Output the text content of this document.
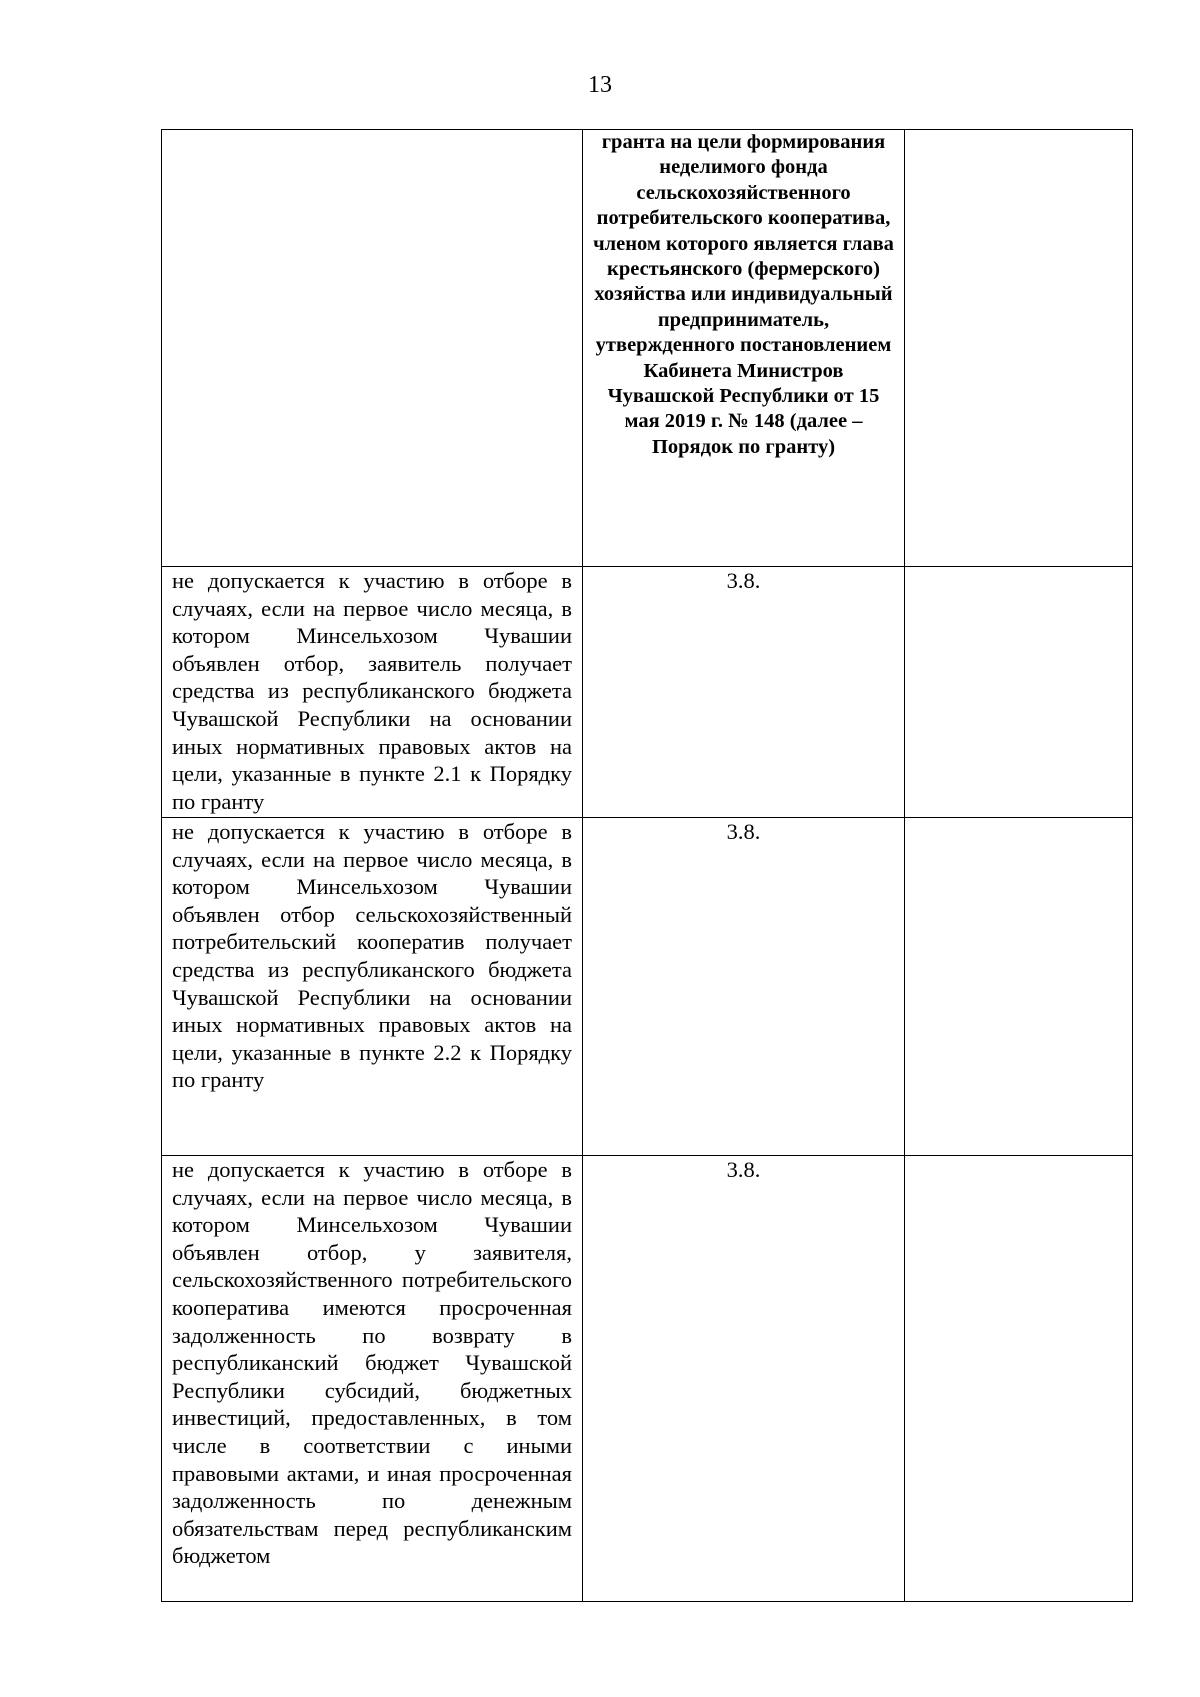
13
	гранта на цели формирования неделимого фонда сельскохозяйственного потребительского кооператива, членом которого является глава крестьянского (фермерского) хозяйства или индивидуальный предприниматель, утвержденного постановлением Кабинета Министров Чувашской Республики от 15 мая 2019 г. № 148 (далее – Порядок по гранту)	
не допускается к участию в отборе в случаях, если на первое число месяца, в котором Минсельхозом Чувашии объявлен отбор, заявитель получает средства из республиканского бюджета Чувашской Республики на основании иных нормативных правовых актов на цели, указанные в пункте 2.1 к Порядку по гранту	3.8.	
не допускается к участию в отборе в случаях, если на первое число месяца, в котором Минсельхозом Чувашии объявлен отбор сельскохозяйственный потребительский кооператив получает средства из республиканского бюджета Чувашской Республики на основании иных нормативных правовых актов на цели, указанные в пункте 2.2 к Порядку по гранту	3.8.	
не допускается к участию в отборе в случаях, если на первое число месяца, в котором Минсельхозом Чувашии объявлен отбор, у заявителя, сельскохозяйственного потребительского кооператива имеются просроченная задолженность по возврату в республиканский бюджет Чувашской Республики субсидий, бюджетных инвестиций, предоставленных, в том числе в соответствии с иными правовыми актами, и иная просроченная задолженность по денежным обязательствам перед республиканским бюджетом	3.8.	
